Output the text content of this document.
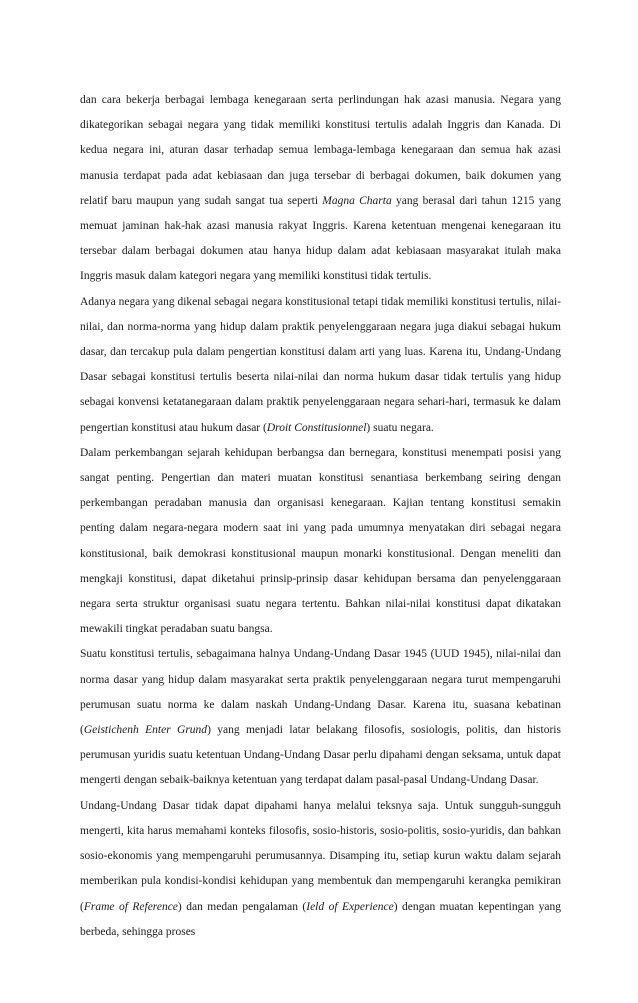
dan cara bekerja berbagai lembaga kenegaraan serta perlindungan hak azasi manusia. Negara yang dikategorikan sebagai negara yang tidak memiliki konstitusi tertulis adalah Inggris dan Kanada. Di kedua negara ini, aturan dasar terhadap semua lembaga-lembaga kenegaraan dan semua hak azasi manusia terdapat pada adat kebiasaan dan juga tersebar di berbagai dokumen, baik dokumen yang relatif baru maupun yang sudah sangat tua seperti Magna Charta yang berasal dari tahun 1215 yang memuat jaminan hak-hak azasi manusia rakyat Inggris. Karena ketentuan mengenai kenegaraan itu tersebar dalam berbagai dokumen atau hanya hidup dalam adat kebiasaan masyarakat itulah maka Inggris masuk dalam kategori negara yang memiliki konstitusi tidak tertulis.

Adanya negara yang dikenal sebagai negara konstitusional tetapi tidak memiliki konstitusi tertulis, nilai-nilai, dan norma-norma yang hidup dalam praktik penyelenggaraan negara juga diakui sebagai hukum dasar, dan tercakup pula dalam pengertian konstitusi dalam arti yang luas. Karena itu, Undang-Undang Dasar sebagai konstitusi tertulis beserta nilai-nilai dan norma hukum dasar tidak tertulis yang hidup sebagai konvensi ketatanegaraan dalam praktik penyelenggaraan negara sehari-hari, termasuk ke dalam pengertian konstitusi atau hukum dasar (Droit Constitusionnel) suatu negara.

Dalam perkembangan sejarah kehidupan berbangsa dan bernegara, konstitusi menempati posisi yang sangat penting. Pengertian dan materi muatan konstitusi senantiasa berkembang seiring dengan perkembangan peradaban manusia dan organisasi kenegaraan. Kajian tentang konstitusi semakin penting dalam negara-negara modern saat ini yang pada umumnya menyatakan diri sebagai negara konstitusional, baik demokrasi konstitusional maupun monarki konstitusional. Dengan meneliti dan mengkaji konstitusi, dapat diketahui prinsip-prinsip dasar kehidupan bersama dan penyelenggaraan negara serta struktur organisasi suatu negara tertentu. Bahkan nilai-nilai konstitusi dapat dikatakan mewakili tingkat peradaban suatu bangsa.

Suatu konstitusi tertulis, sebagaimana halnya Undang-Undang Dasar 1945 (UUD 1945), nilai-nilai dan norma dasar yang hidup dalam masyarakat serta praktik penyelenggaraan negara turut mempengaruhi perumusan suatu norma ke dalam naskah Undang-Undang Dasar. Karena itu, suasana kebatinan (Geistichenh Enter Grund) yang menjadi latar belakang filosofis, sosiologis, politis, dan historis perumusan yuridis suatu ketentuan Undang-Undang Dasar perlu dipahami dengan seksama, untuk dapat mengerti dengan sebaik-baiknya ketentuan yang terdapat dalam pasal-pasal Undang-Undang Dasar.

Undang-Undang Dasar tidak dapat dipahami hanya melalui teksnya saja. Untuk sungguh-sungguh mengerti, kita harus memahami konteks filosofis, sosio-historis, sosio-politis, sosio-yuridis, dan bahkan sosio-ekonomis yang mempengaruhi perumusannya. Disamping itu, setiap kurun waktu dalam sejarah memberikan pula kondisi-kondisi kehidupan yang membentuk dan mempengaruhi kerangka pemikiran (Frame of Reference) dan medan pengalaman (Ield of Experience) dengan muatan kepentingan yang berbeda, sehingga proses
